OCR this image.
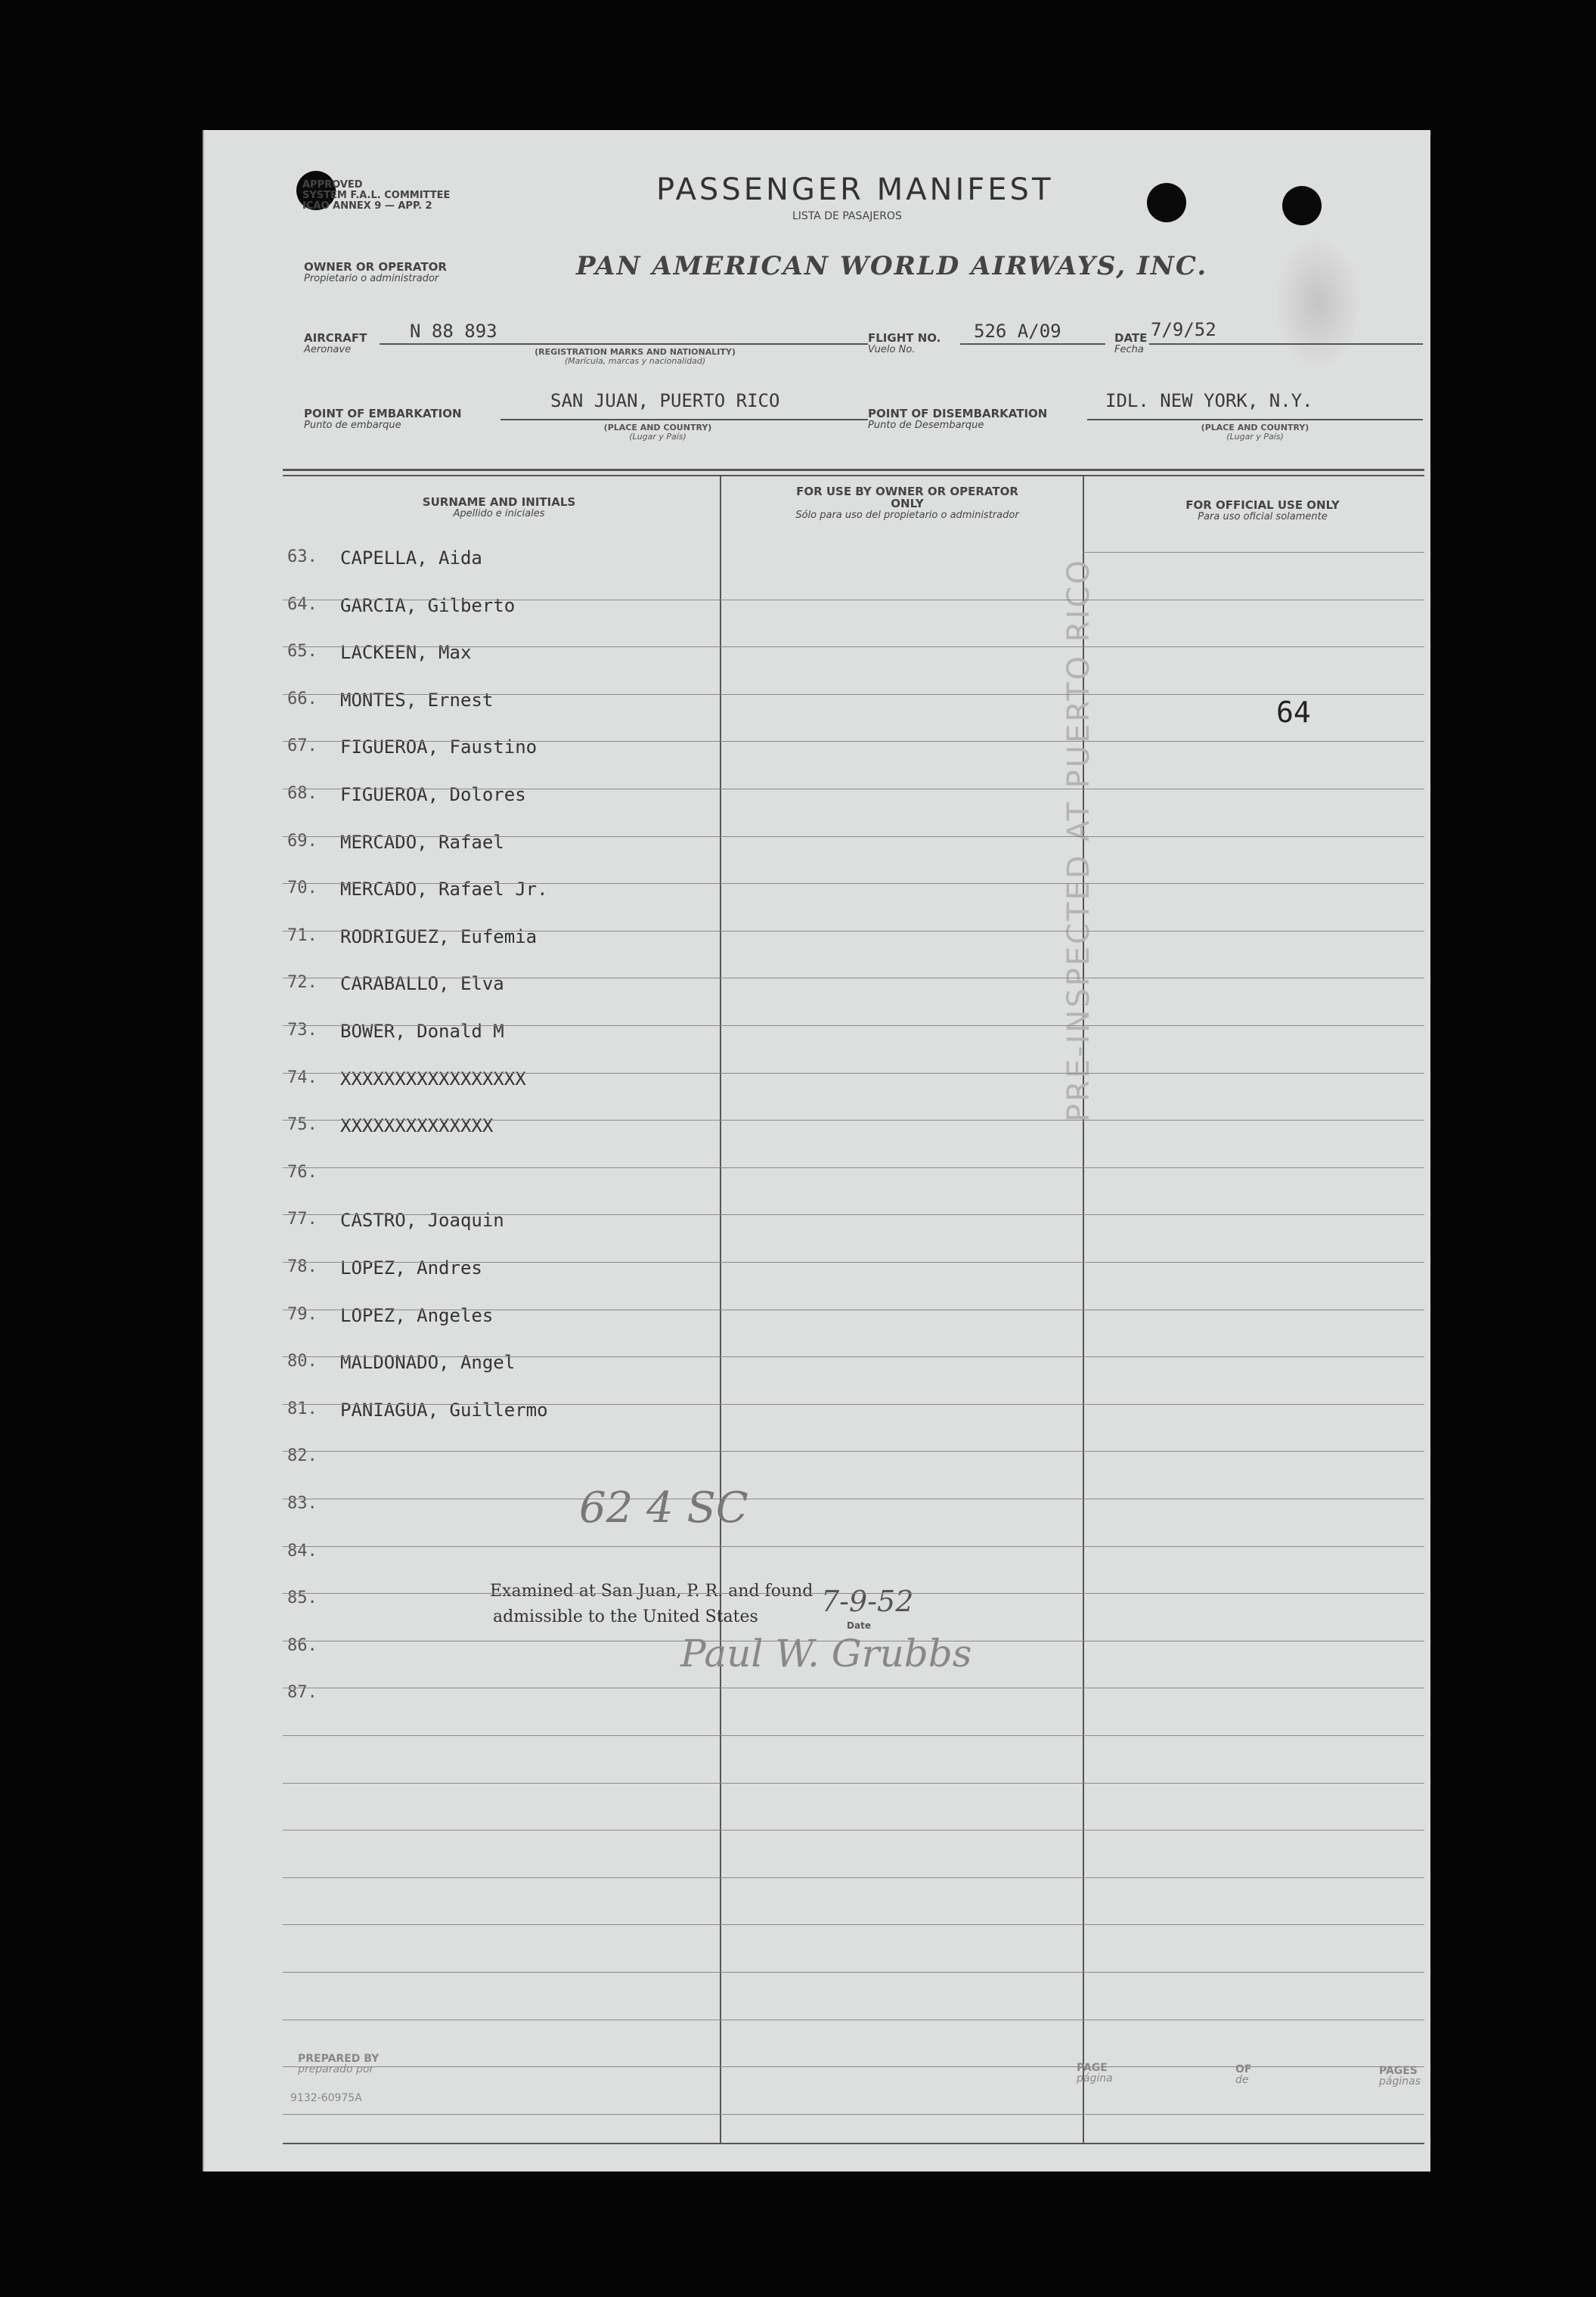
APPROVED
SYSTEM F.A.L. COMMITTEE
ICAO ANNEX 9 — APP. 2	PASSENGER MANIFEST
LISTA DE PASAJEROS
OWNER OR OPERATOR
Propietario o administrador	PAN AMERICAN WORLD AIRWAYS, INC.
AIRCRAFT
Aeronave
N 88 893
(REGISTRATION MARKS AND NATIONALITY)
(Marícula, marcas y nacionalidad)
FLIGHT NO.
Vuelo No.
526 A/09	DATE
Fecha
7/9/52
POINT OF EMBARKATION
Punto de embarque
SAN JUAN, PUERTO RICO
(PLACE AND COUNTRY)
(Lugar y País)
POINT OF DISEMBARKATION
Punto de Desembarque
IDL. NEW YORK, N.Y.
(PLACE AND COUNTRY)
(Lugar y País)
SURNAME AND INITIALS
Apellido e iniciales
FOR USE BY OWNER OR OPERATOR ONLY
Sólo para uso del propietario o administrador
FOR OFFICIAL USE ONLY
Para uso oficial solamente
63. CAPELLA, Aida
64. GARCIA, Gilberto
65. LACKEEN, Max
66. MONTES, Ernest
67. FIGUEROA, Faustino
68. FIGUEROA, Dolores
69. MERCADO, Rafael
70. MERCADO, Rafael Jr.
71. RODRIGUEZ, Eufemia
72. CARABALLO, Elva
73. BOWER, Donald M
74. XXXXXXXXXXXXXXXXX
75. XXXXXXXXXXXXXX
76.
77. CASTRO, Joaquin
78. LOPEZ, Andres
79. LOPEZ, Angeles
80. MALDONADO, Angel
81. PANIAGUA, Guillermo
82.
83.
84.
85.
86.
87.
64
PRE-INSPECTED AT PUERTO RICO
62 4 SC
Examined at San Juan, P. R. and found
admissible to the United States 7-9-52
Date
Paul W. Grubbs
PREPARED BY
preparado por
9132-60975A
PAGE
página
OF
de
PAGES
páginas
